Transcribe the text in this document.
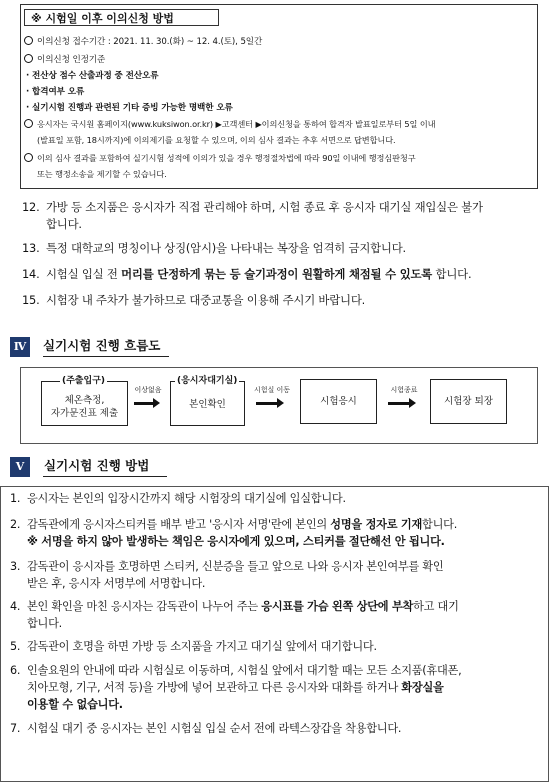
※ 시험일 이후 이의신청 방법
이의신청 접수기간 : 2021. 11. 30.(화) ~ 12. 4.(토), 5일간
이의신청 인정기준
· 전산상 점수 산출과정 중 전산오류
· 합격여부 오류
· 실기시험 진행과 관련된 기타 증빙 가능한 명백한 오류
응시자는 국시원 홈페이지(www.kuksiwon.or.kr) ▶고객센터 ▶이의신청을 통하여 합격자 발표일로부터 5일 이내
(발표일 포함, 18시까지)에 이의제기를 요청할 수 있으며, 이의 심사 결과는 추후 서면으로 답변합니다.
이의 심사 결과를 포함하여 실기시험 성적에 이의가 있을 경우 행정절차법에 따라 90일 이내에 행정심판청구
또는 행정소송을 제기할 수 있습니다.
12. 가방 등 소지품은 응시자가 직접 관리해야 하며, 시험 종료 후 응시자 대기실 재입실은 불가
합니다.
13. 특정 대학교의 명칭이나 상징(암시)을 나타내는 복장을 엄격히 금지합니다.
14. 시험실 입실 전 머리를 단정하게 묶는 등 술기과정이 원활하게 채점될 수 있도록 합니다.
15. 시험장 내 주차가 불가하므로 대중교통을 이용해 주시기 바랍니다.
Ⅳ	실기시험 진행 흐름도
체온측정,
자가문진표 제출
(주출입구)
이상없음
본인확인
(응시자대기실)
시험실 이동
시험응시
시험종료
시험장 퇴장
Ⅴ	실기시험 진행 방법
1. 응시자는 본인의 입장시간까지 해당 시험장의 대기실에 입실합니다.
2. 감독관에게 응시자스티커를 배부 받고 '응시자 서명'란에 본인의 성명을 정자로 기재합니다.
※ 서명을 하지 않아 발생하는 책임은 응시자에게 있으며, 스티커를 절단해선 안 됩니다.
3. 감독관이 응시자를 호명하면 스티커, 신분증을 들고 앞으로 나와 응시자 본인여부를 확인
받은 후, 응시자 서명부에 서명합니다.
4. 본인 확인을 마친 응시자는 감독관이 나누어 주는 응시표를 가슴 왼쪽 상단에 부착하고 대기
합니다.
5. 감독관이 호명을 하면 가방 등 소지품을 가지고 대기실 앞에서 대기합니다.
6. 인솔요원의 안내에 따라 시험실로 이동하며, 시험실 앞에서 대기할 때는 모든 소지품(휴대폰,
치아모형, 기구, 서적 등)을 가방에 넣어 보관하고 다른 응시자와 대화를 하거나 화장실을
이용할 수 없습니다.
7. 시험실 대기 중 응시자는 본인 시험실 입실 순서 전에 라텍스장갑을 착용합니다.
